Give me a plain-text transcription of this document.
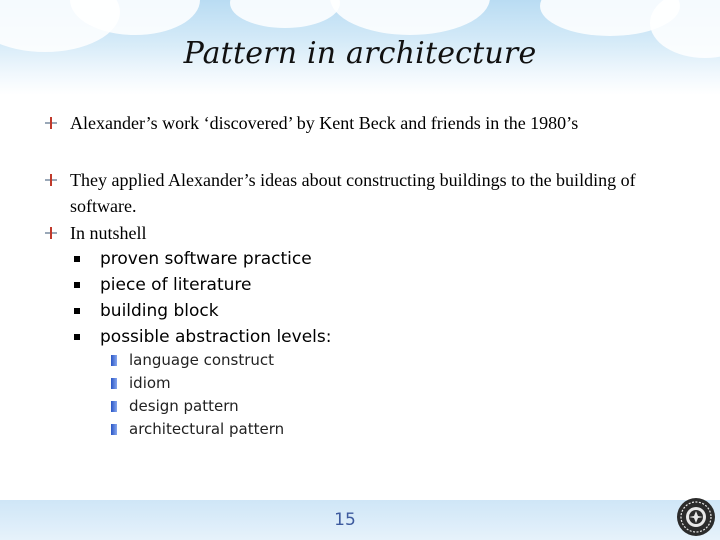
Pattern in architecture
Alexander’s work ‘discovered’ by Kent Beck and friends in the 1980’s
They applied Alexander’s ideas about constructing buildings to the building of software.
In nutshell
proven software practice
piece of literature
building block
possible abstraction levels:
language construct
idiom
design pattern
architectural pattern
15
